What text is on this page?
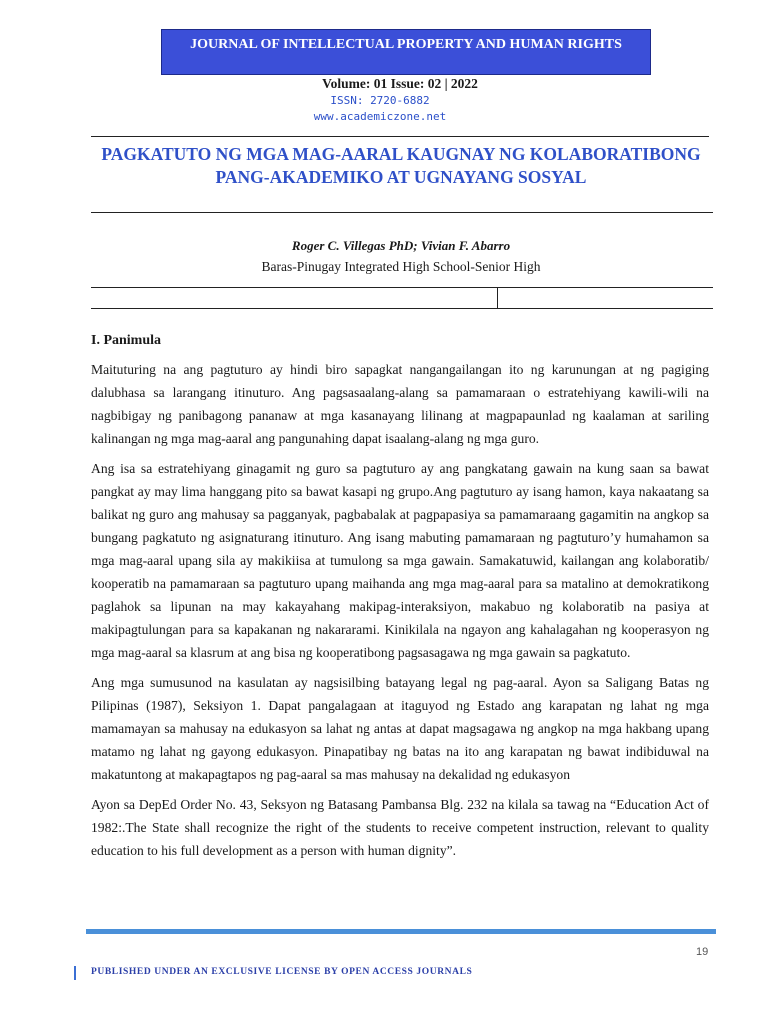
JOURNAL OF INTELLECTUAL PROPERTY AND HUMAN RIGHTS
Volume: 01 Issue: 02 | 2022
ISSN: 2720-6882
www.academiczone.net
PAGKATUTO NG MGA MAG-AARAL KAUGNAY NG KOLABORATIBONG PANG-AKADEMIKO AT UGNAYANG SOSYAL
Roger C. Villegas PhD; Vivian F. Abarro
Baras-Pinugay Integrated High School-Senior High
I. Panimula

Maituturing na ang pagtuturo ay hindi biro sapagkat nangangailangan ito ng karunungan at ng pagiging dalubhasa sa larangang itinuturo. Ang pagsasaalang-alang sa pamamaraan o estratehiyang kawili-wili na nagbibigay ng panibagong pananaw at mga kasanayang lilinang at magpapaunlad ng kaalaman at sariling kalinangan ng mga mag-aaral ang pangunahing dapat isaalang-alang ng mga guro.

Ang isa sa estratehiyang ginagamit ng guro sa pagtuturo ay ang pangkatang gawain na kung saan sa bawat pangkat ay may lima hanggang pito sa bawat kasapi ng grupo.Ang pagtuturo ay isang hamon, kaya nakaatang sa balikat ng guro ang mahusay sa pagganyak, pagbabalak at pagpapasiya sa pamamaraang gagamitin na angkop sa bungang pagkatuto ng asignaturang itinuturo. Ang isang mabuting pamamaraan ng pagtuturo’y humahamon sa mga mag-aaral upang sila ay makikiisa at tumulong sa mga gawain. Samakatuwid, kailangan ang kolaboratib/ kooperatib na pamamaraan sa pagtuturo upang maihanda ang mga mag-aaral para sa matalino at demokratikong paglahok sa lipunan na may kakayahang makipag-interaksiyon, makabuo ng kolaboratib na pasiya at makipagtulungan para sa kapakanan ng nakararami. Kinikilala na ngayon ang kahalagahan ng kooperasyon ng mga mag-aaral sa klasrum at ang bisa ng kooperatibong pagsasagawa ng mga gawain sa pagkatuto.

Ang mga sumusunod na kasulatan ay nagsisilbing batayang legal ng pag-aaral. Ayon sa Saligang Batas ng Pilipinas (1987), Seksiyon 1. Dapat pangalagaan at itaguyod ng Estado ang karapatan ng lahat ng mga mamamayan sa mahusay na edukasyon sa lahat ng antas at dapat magsagawa ng angkop na mga hakbang upang matamo ng lahat ng gayong edukasyon. Pinapatibay ng batas na ito ang karapatan ng bawat indibiduwal na makatuntong at makapagtapos ng pag-aaral sa mas mahusay na dekalidad ng edukasyon

Ayon sa DepEd Order No. 43, Seksyon ng Batasang Pambansa Blg. 232 na kilala sa tawag na “Education Act of 1982:.The State shall recognize the right of the students to receive competent instruction, relevant to quality education to his full development as a person with human dignity”.

19
PUBLISHED UNDER AN EXCLUSIVE LICENSE BY OPEN ACCESS JOURNALS
